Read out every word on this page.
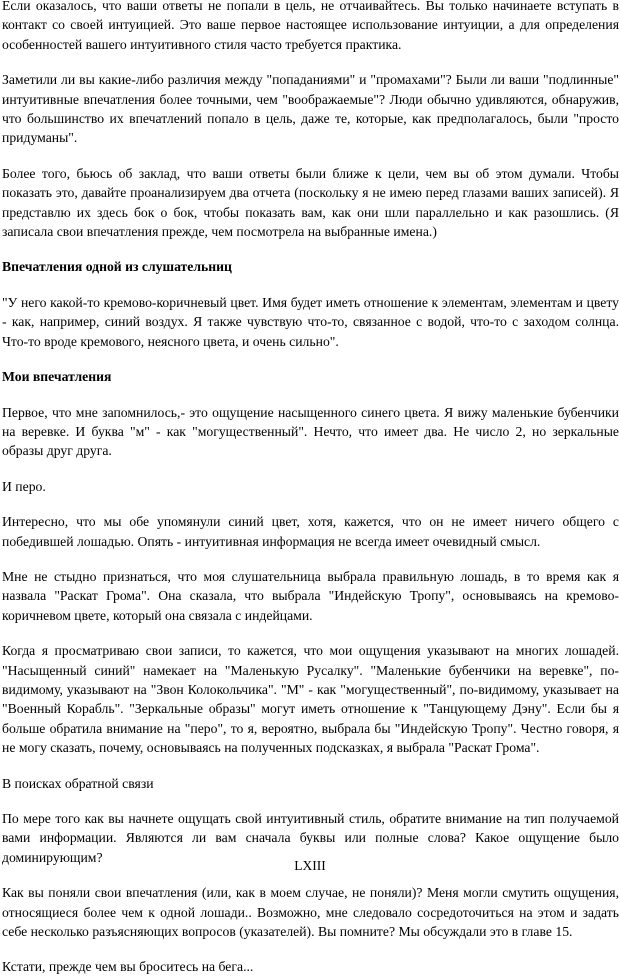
Если оказалось, что ваши ответы не попали в цель, не отчаивайтесь. Вы только начинаете вступать в контакт со своей интуицией. Это ваше первое настоящее использование интуиции, а для определения особенностей вашего интуитивного стиля часто требуется практика.

Заметили ли вы какие-либо различия между "попаданиями" и "промахами"? Были ли ваши "подлинные" интуитивные впечатления более точными, чем "воображаемые"? Люди обычно удивляются, обнаружив, что большинство их впечатлений попало в цель, даже те, которые, как предполагалось, были "просто придуманы".

Более того, бьюсь об заклад, что ваши ответы были ближе к цели, чем вы об этом думали. Чтобы показать это, давайте проанализируем два отчета (поскольку я не имею перед глазами ваших записей). Я представлю их здесь бок о бок, чтобы показать вам, как они шли параллельно и как разошлись. (Я записала свои впечатления прежде, чем посмотрела на выбранные имена.)

Впечатления одной из слушательниц

"У него какой-то кремово-коричневый цвет. Имя будет иметь отношение к элементам, элементам и цвету - как, например, синий воздух. Я также чувствую что-то, связанное с водой, что-то с заходом солнца. Что-то вроде кремового, неясного цвета, и очень сильно".

Мои впечатления

Первое, что мне запомнилось,- это ощущение насыщенного синего цвета. Я вижу маленькие бубенчики на веревке. И буква "м" - как "могущественный". Нечто, что имеет два. Не число 2, но зеркальные образы друг друга.

И перо.

Интересно, что мы обе упомянули синий цвет, хотя, кажется, что он не имеет ничего общего с победившей лошадью. Опять - интуитивная информация не всегда имеет очевидный смысл.

Мне не стыдно признаться, что моя слушательница выбрала правильную лошадь, в то время как я назвала "Раскат Грома". Она сказала, что выбрала "Индейскую Тропу", основываясь на кремово-коричневом цвете, который она связала с индейцами.

Когда я просматриваю свои записи, то кажется, что мои ощущения указывают на многих лошадей. "Насыщенный синий" намекает на "Маленькую Русалку". "Маленькие бубенчики на веревке", по-видимому, указывают на "Звон Колокольчика". "М" - как "могущественный", по-видимому, указывает на "Военный Корабль". "Зеркальные образы" могут иметь отношение к "Танцующему Дэну". Если бы я больше обратила внимание на "перо", то я, вероятно, выбрала бы "Индейскую Тропу". Честно говоря, я не могу сказать, почему, основываясь на полученных подсказках, я выбрала "Раскат Грома".

В поисках обратной связи

По мере того как вы начнете ощущать свой интуитивный стиль, обратите внимание на тип получаемой вами информации. Являются ли вам сначала буквы или полные слова? Какое ощущение было доминирующим?

Как вы поняли свои впечатления (или, как в моем случае, не поняли)? Меня могли смутить ощущения, относящиеся более чем к одной лошади.. Возможно, мне следовало сосредоточиться на этом и задать себе несколько разъясняющих вопросов (указателей). Вы помните? Мы обсуждали это в главе 15.

Кстати, прежде чем вы броситесь на бега...

LXIII
